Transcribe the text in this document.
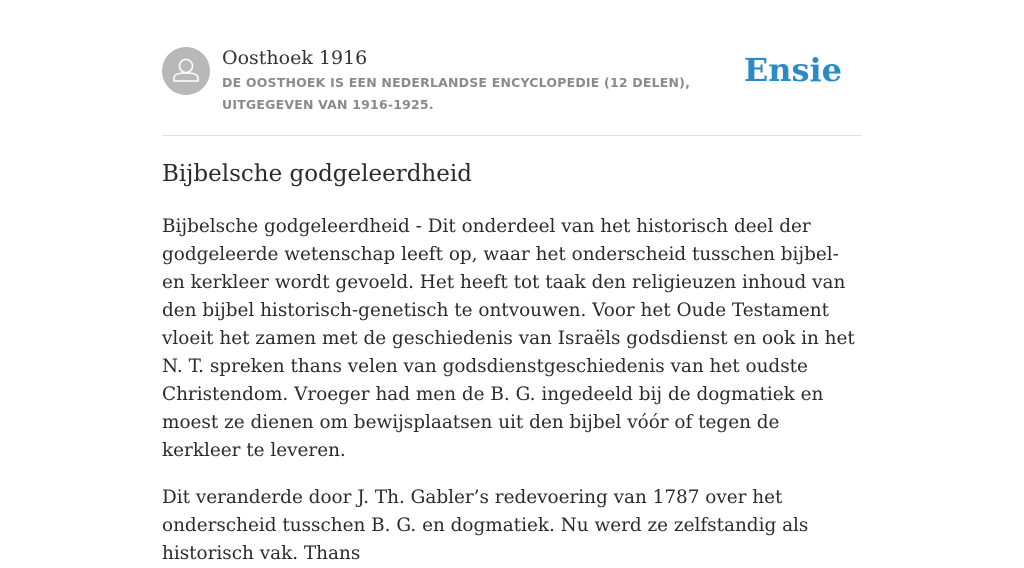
Oosthoek 1916
DE OOSTHOEK IS EEN NEDERLANDSE ENCYCLOPEDIE (12 DELEN), UITGEGEVEN VAN 1916-1925.
Ensie
Bijbelsche godgeleerdheid

Bijbelsche godgeleerdheid - Dit onderdeel van het historisch deel der godgeleerde wetenschap leeft op, waar het onderscheid tusschen bijbel- en kerkleer wordt gevoeld. Het heeft tot taak den religieuzen inhoud van den bijbel historisch-genetisch te ontvouwen. Voor het Oude Testament vloeit het zamen met de geschiedenis van Israëls godsdienst en ook in het N. T. spreken thans velen van godsdienstgeschiedenis van het oudste Christendom. Vroeger had men de B. G. ingedeeld bij de dogmatiek en moest ze dienen om bewijsplaatsen uit den bijbel vóór of tegen de kerkleer te leveren.

Dit veranderde door J. Th. Gabler’s redevoering van 1787 over het onderscheid tusschen B. G. en dogmatiek. Nu werd ze zelfstandig als historisch vak. Thans
